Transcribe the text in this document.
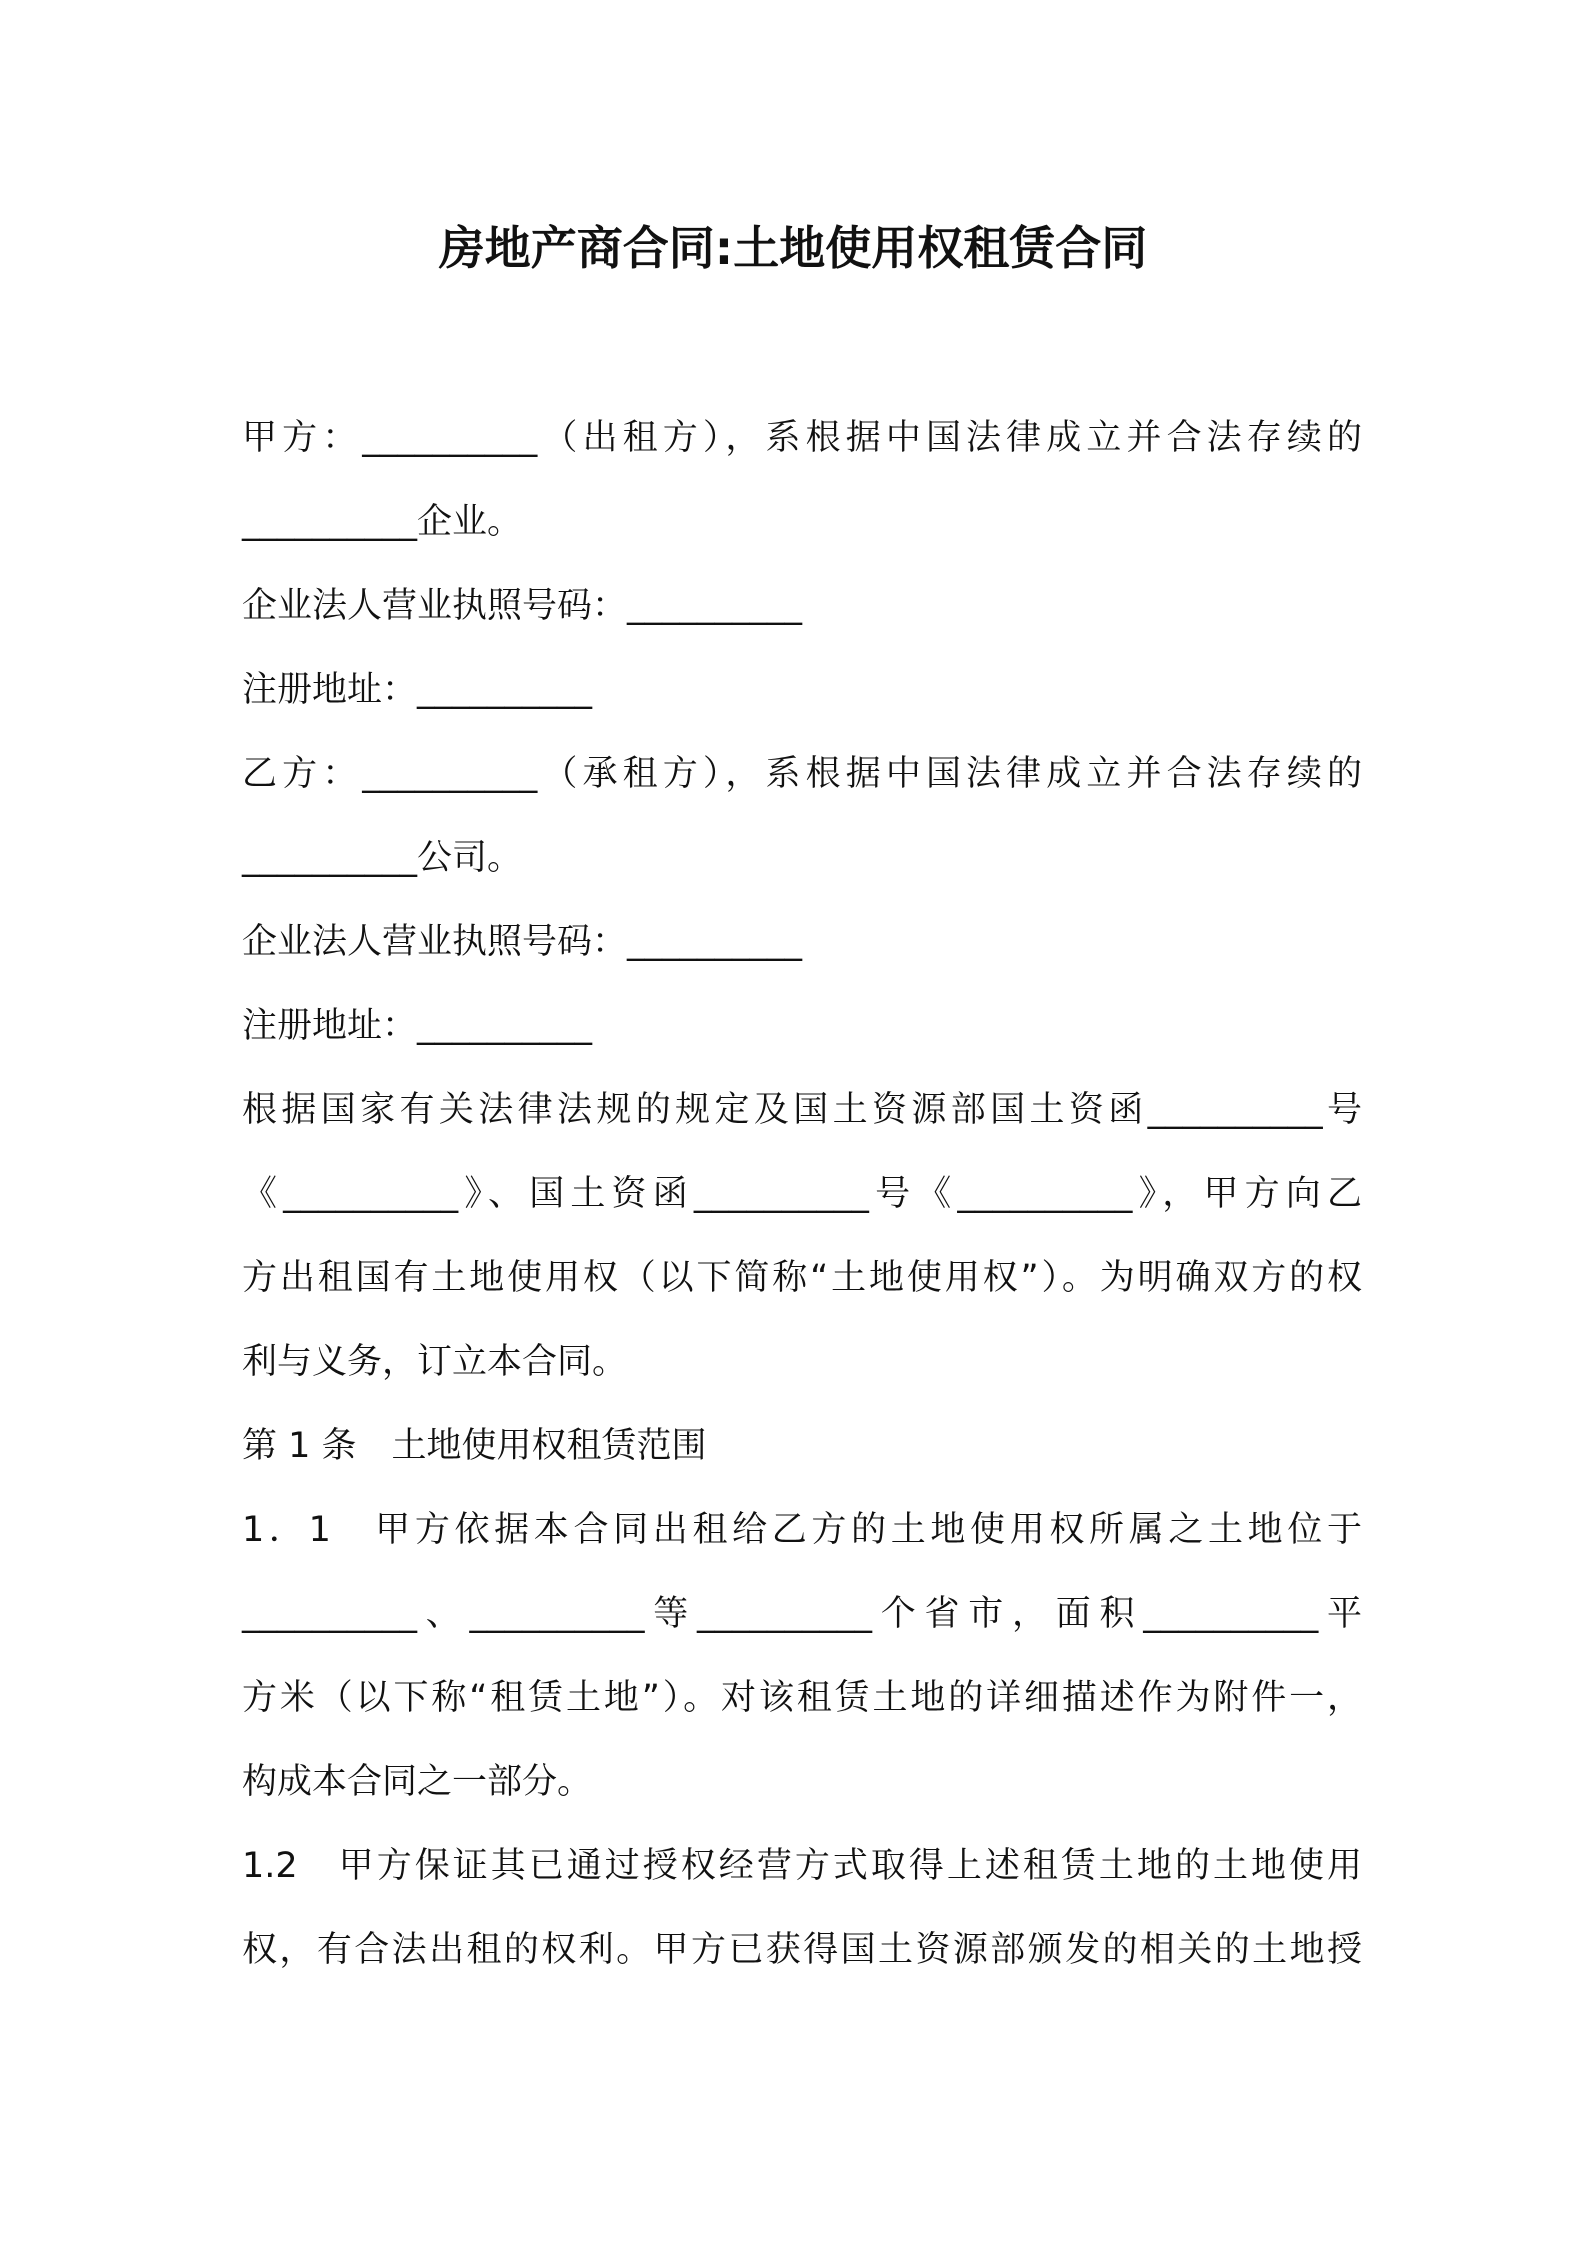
房地产商合同:土地使用权租赁合同
甲方：__________（出租方），系根据中国法律成立并合法存续的
__________企业。
企业法人营业执照号码：__________
注册地址：__________
乙方：__________（承租方），系根据中国法律成立并合法存续的
__________公司。
企业法人营业执照号码：__________
注册地址：__________
根据国家有关法律法规的规定及国土资源部国土资函__________号
《__________》、国土资函__________号《__________》，甲方向乙
方出租国有土地使用权（以下简称“土地使用权”）。为明确双方的权
利与义务，订立本合同。
第 1 条　土地使用权租赁范围
1．1　甲方依据本合同出租给乙方的土地使用权所属之土地位于
__________、__________等__________个省市，面积__________平
方米（以下称“租赁土地”）。对该租赁土地的详细描述作为附件一，
构成本合同之一部分。
1.2　甲方保证其已通过授权经营方式取得上述租赁土地的土地使用
权，有合法出租的权利。甲方已获得国土资源部颁发的相关的土地授
